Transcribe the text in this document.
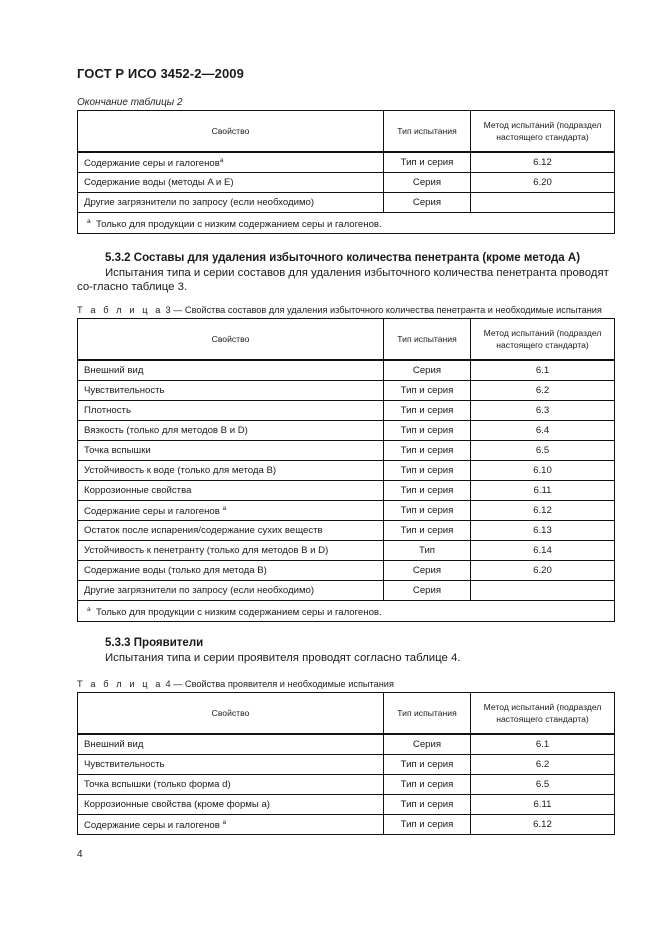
ГОСТ Р ИСО 3452-2—2009
Окончание таблицы 2
Свойство	Тип испытания	Метод испытаний (подраздел настоящего стандарта)
Содержание серы и галогенов$^a$	Тип и серия	6.12
Содержание воды (методы A и E)	Серия	6.20
Другие загрязнители по запросу (если необходимо)	Серия	
$^a$ Только для продукции с низким содержанием серы и галогенов.		
5.3.2 Составы для удаления избыточного количества пенетранта (кроме метода A)
Испытания типа и серии составов для удаления избыточного количества пенетранта проводят со-гласно таблице 3.
Т а б л и ц а 3 — Свойства составов для удаления избыточного количества пенетранта и необходимые испытания
Свойство	Тип испытания	Метод испытаний (подраздел настоящего стандарта)
Внешний вид	Серия	6.1
Чувствительность	Тип и серия	6.2
Плотность	Тип и серия	6.3
Вязкость (только для методов B и D)	Тип и серия	6.4
Точка вспышки	Тип и серия	6.5
Устойчивость к воде (только для метода B)	Тип и серия	6.10
Коррозионные свойства	Тип и серия	6.11
Содержание серы и галогенов $^a$	Тип и серия	6.12
Остаток после испарения/содержание сухих веществ	Тип и серия	6.13
Устойчивость к пенетранту (только для методов B и D)	Тип	6.14
Содержание воды (только для метода B)	Серия	6.20
Другие загрязнители по запросу (если необходимо)	Серия	
$^a$ Только для продукции с низким содержанием серы и галогенов.		
5.3.3 Проявители
Испытания типа и серии проявителя проводят согласно таблице 4.
Т а б л и ц а 4 — Свойства проявителя и необходимые испытания
Свойство	Тип испытания	Метод испытаний (подраздел настоящего стандарта)
Внешний вид	Серия	6.1
Чувствительность	Тип и серия	6.2
Точка вспышки (только форма d)	Тип и серия	6.5
Коррозионные свойства (кроме формы a)	Тип и серия	6.11
Содержание серы и галогенов $^a$	Тип и серия	6.12
4
